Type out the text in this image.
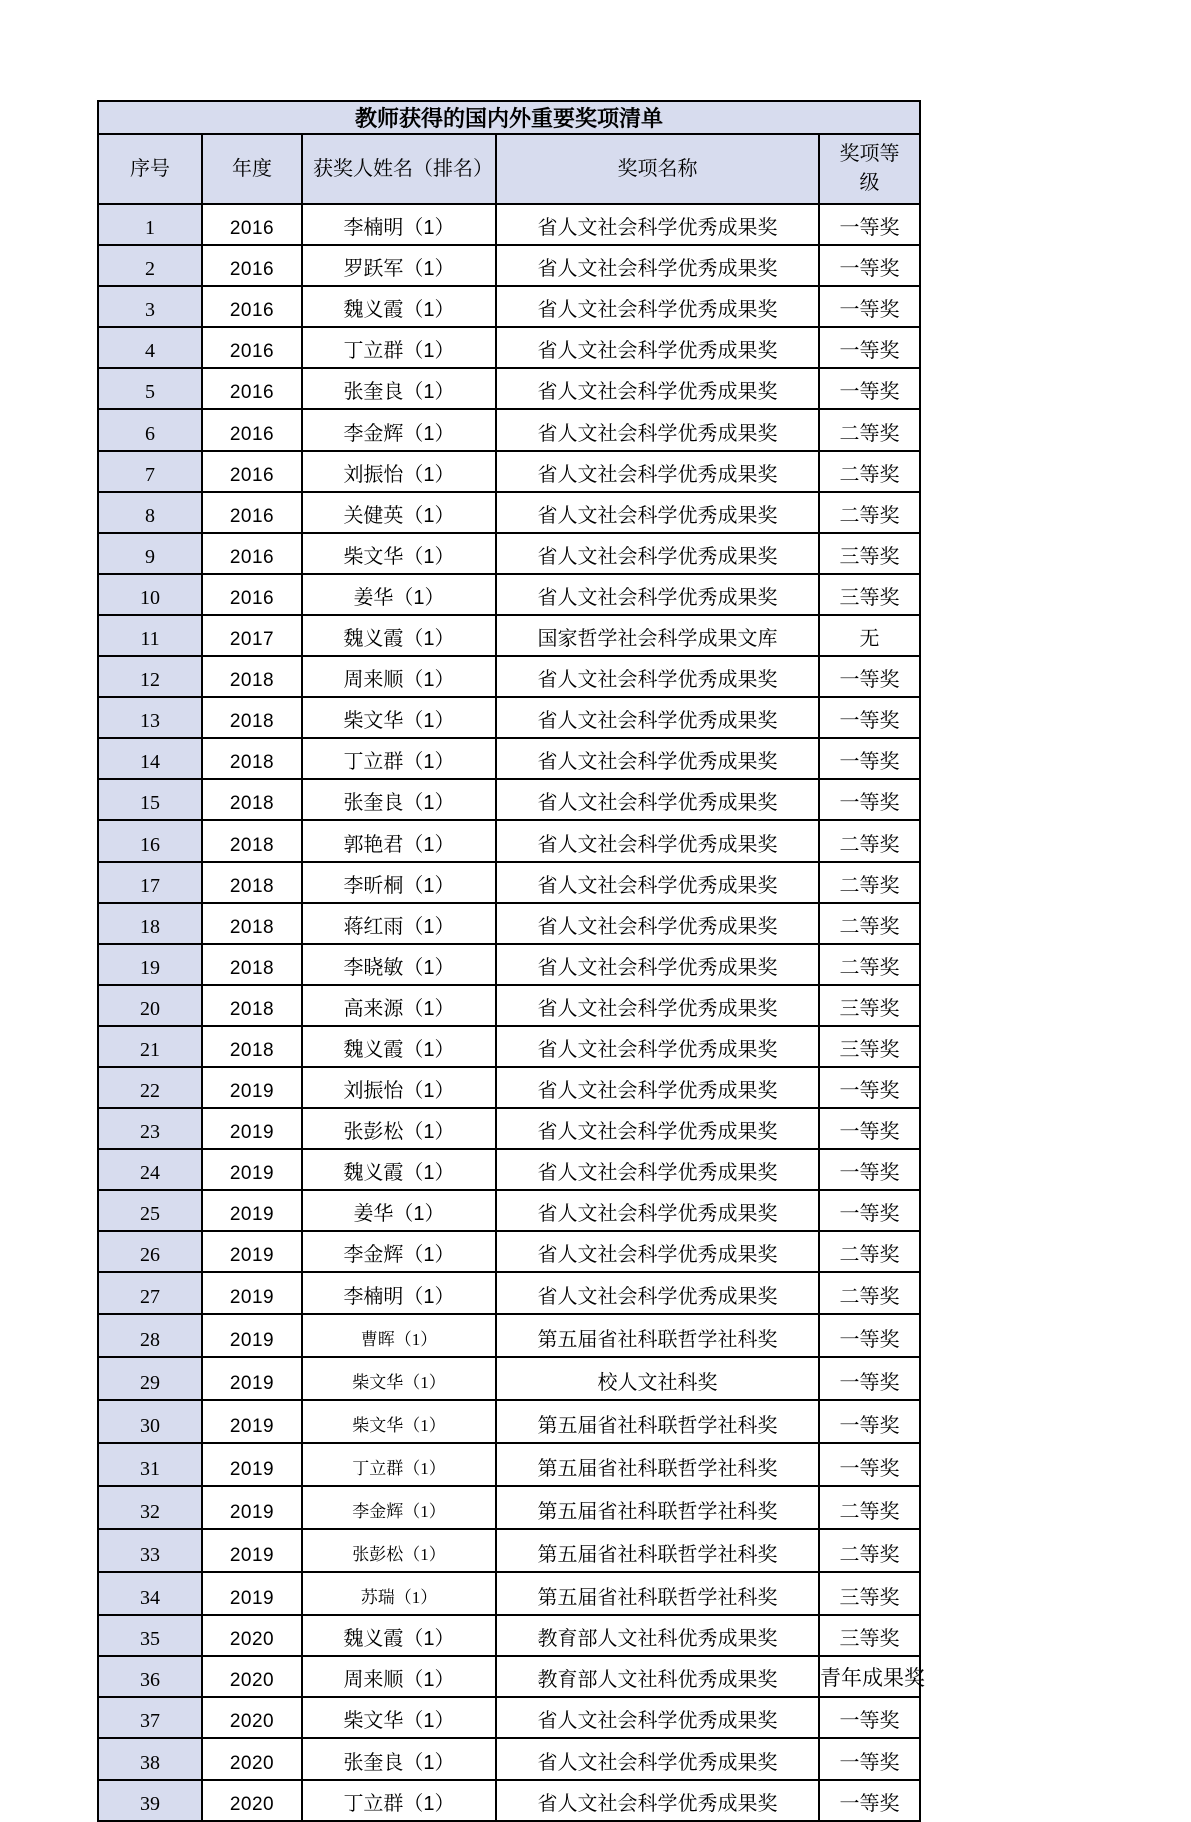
教师获得的国内外重要奖项清单				
序号	年度	获奖人姓名（排名）	奖项名称	奖项等级
1	2016	李楠明（1）	省人文社会科学优秀成果奖	一等奖
2	2016	罗跃军（1）	省人文社会科学优秀成果奖	一等奖
3	2016	魏义霞（1）	省人文社会科学优秀成果奖	一等奖
4	2016	丁立群（1）	省人文社会科学优秀成果奖	一等奖
5	2016	张奎良（1）	省人文社会科学优秀成果奖	一等奖
6	2016	李金辉（1）	省人文社会科学优秀成果奖	二等奖
7	2016	刘振怡（1）	省人文社会科学优秀成果奖	二等奖
8	2016	关健英（1）	省人文社会科学优秀成果奖	二等奖
9	2016	柴文华（1）	省人文社会科学优秀成果奖	三等奖
10	2016	姜华（1）	省人文社会科学优秀成果奖	三等奖
11	2017	魏义霞（1）	国家哲学社会科学成果文库	无
12	2018	周来顺（1）	省人文社会科学优秀成果奖	一等奖
13	2018	柴文华（1）	省人文社会科学优秀成果奖	一等奖
14	2018	丁立群（1）	省人文社会科学优秀成果奖	一等奖
15	2018	张奎良（1）	省人文社会科学优秀成果奖	一等奖
16	2018	郭艳君（1）	省人文社会科学优秀成果奖	二等奖
17	2018	李昕桐（1）	省人文社会科学优秀成果奖	二等奖
18	2018	蒋红雨（1）	省人文社会科学优秀成果奖	二等奖
19	2018	李晓敏（1）	省人文社会科学优秀成果奖	二等奖
20	2018	高来源（1）	省人文社会科学优秀成果奖	三等奖
21	2018	魏义霞（1）	省人文社会科学优秀成果奖	三等奖
22	2019	刘振怡（1）	省人文社会科学优秀成果奖	一等奖
23	2019	张彭松（1）	省人文社会科学优秀成果奖	一等奖
24	2019	魏义霞（1）	省人文社会科学优秀成果奖	一等奖
25	2019	姜华（1）	省人文社会科学优秀成果奖	一等奖
26	2019	李金辉（1）	省人文社会科学优秀成果奖	二等奖
27	2019	李楠明（1）	省人文社会科学优秀成果奖	二等奖
28	2019	曹晖（1）	第五届省社科联哲学社科奖	一等奖
29	2019	柴文华（1）	校人文社科奖	一等奖
30	2019	柴文华（1）	第五届省社科联哲学社科奖	一等奖
31	2019	丁立群（1）	第五届省社科联哲学社科奖	一等奖
32	2019	李金辉（1）	第五届省社科联哲学社科奖	二等奖
33	2019	张彭松（1）	第五届省社科联哲学社科奖	二等奖
34	2019	苏瑞（1）	第五届省社科联哲学社科奖	三等奖
35	2020	魏义霞（1）	教育部人文社科优秀成果奖	三等奖
36	2020	周来顺（1）	教育部人文社科优秀成果奖	青年成果奖
37	2020	柴文华（1）	省人文社会科学优秀成果奖	一等奖
38	2020	张奎良（1）	省人文社会科学优秀成果奖	一等奖
39	2020	丁立群（1）	省人文社会科学优秀成果奖	一等奖
